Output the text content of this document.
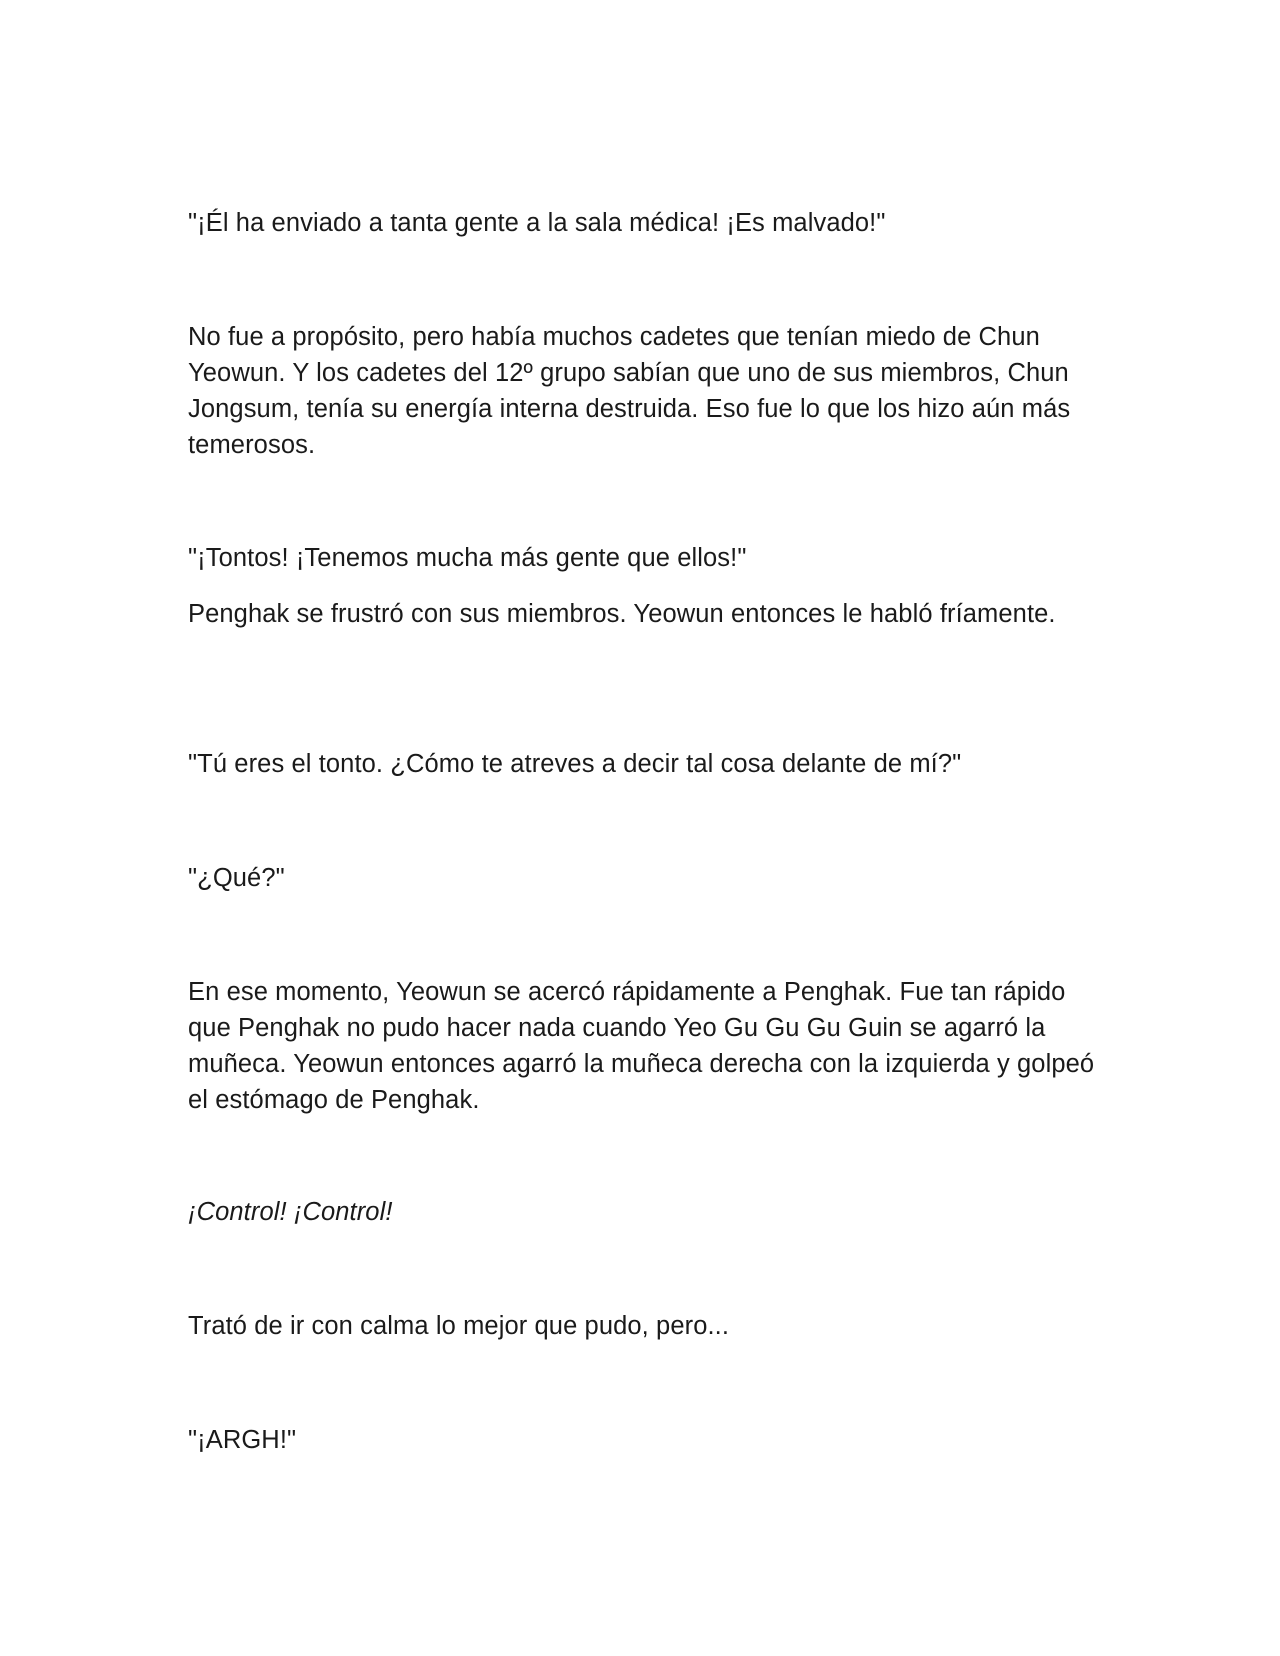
"¡Él ha enviado a tanta gente a la sala médica! ¡Es malvado!"

No fue a propósito, pero había muchos cadetes que tenían miedo de Chun Yeowun. Y los cadetes del 12º grupo sabían que uno de sus miembros, Chun Jongsum, tenía su energía interna destruida. Eso fue lo que los hizo aún más temerosos.

"¡Tontos! ¡Tenemos mucha más gente que ellos!"

Penghak se frustró con sus miembros. Yeowun entonces le habló fríamente.

"Tú eres el tonto. ¿Cómo te atreves a decir tal cosa delante de mí?"

"¿Qué?"

En ese momento, Yeowun se acercó rápidamente a Penghak. Fue tan rápido que Penghak no pudo hacer nada cuando Yeo Gu Gu Gu Guin se agarró la muñeca. Yeowun entonces agarró la muñeca derecha con la izquierda y golpeó el estómago de Penghak.

¡Control! ¡Control!

Trató de ir con calma lo mejor que pudo, pero...

"¡ARGH!"
